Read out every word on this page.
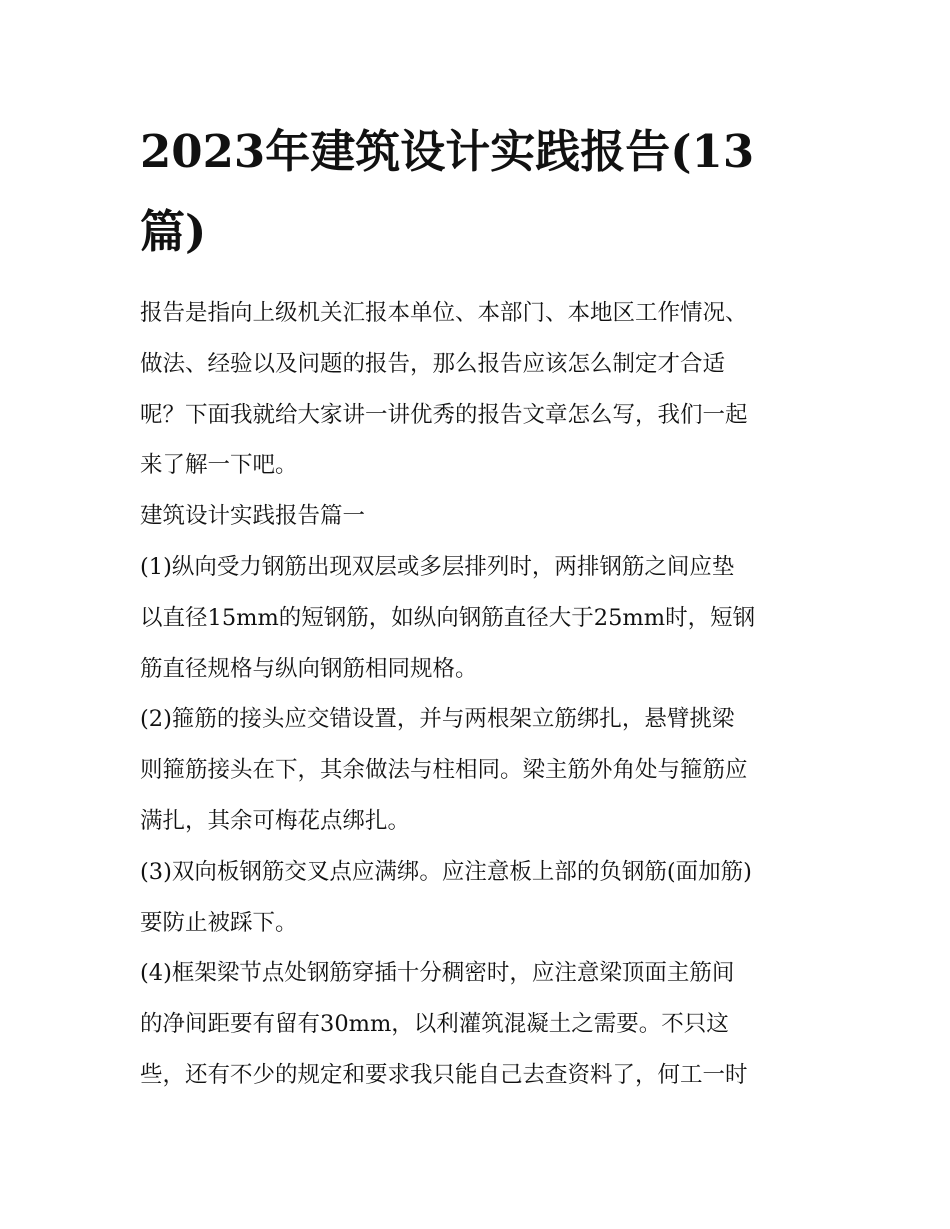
2023年建筑设计实践报告(13
篇)

报告是指向上级机关汇报本单位、本部门、本地区工作情况、
做法、经验以及问题的报告，那么报告应该怎么制定才合适
呢？下面我就给大家讲一讲优秀的报告文章怎么写，我们一起
来了解一下吧。

建筑设计实践报告篇一

(1)纵向受力钢筋出现双层或多层排列时，两排钢筋之间应垫
以直径15mm的短钢筋，如纵向钢筋直径大于25mm时，短钢
筋直径规格与纵向钢筋相同规格。

(2)箍筋的接头应交错设置，并与两根架立筋绑扎，悬臂挑梁
则箍筋接头在下，其余做法与柱相同。梁主筋外角处与箍筋应
满扎，其余可梅花点绑扎。

(3)双向板钢筋交叉点应满绑。应注意板上部的负钢筋(面加筋)
要防止被踩下。

(4)框架梁节点处钢筋穿插十分稠密时，应注意梁顶面主筋间
的净间距要有留有30mm，以利灌筑混凝土之需要。不只这
些，还有不少的规定和要求我只能自己去查资料了，何工一时
